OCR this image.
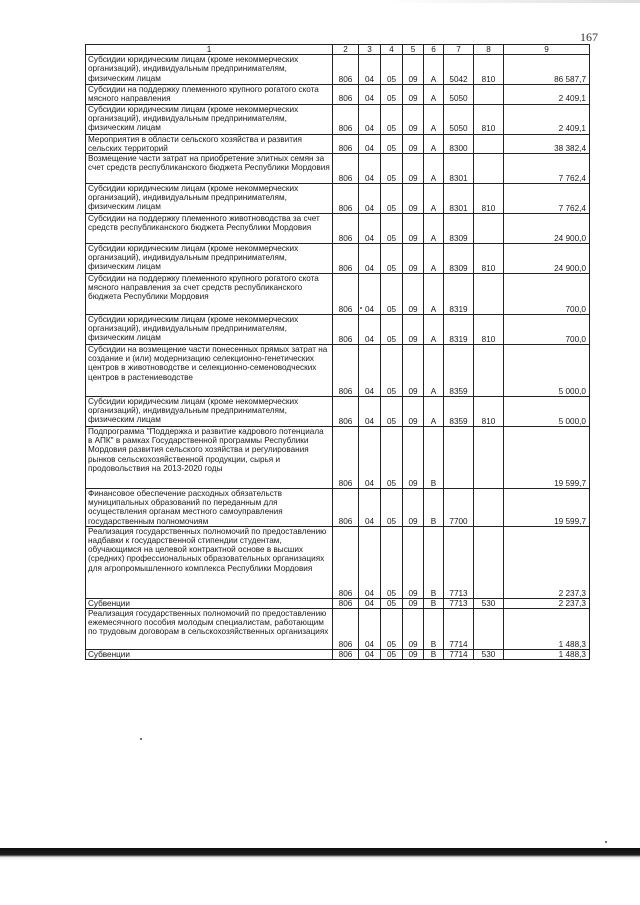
167
1	2	3	4	5	6	7	8	9
Субсидии юридическим лицам (кроме некоммерческих организаций), индивидуальным предпринимателям, физическим лицам	806	04	05	09	А	5042	810	86 587,7
Субсидии на поддержку племенного крупного рогатого скота мясного направления	806	04	05	09	А	5050		2 409,1
Субсидии юридическим лицам (кроме некоммерческих организаций), индивидуальным предпринимателям, физическим лицам	806	04	05	09	А	5050	810	2 409,1
Мероприятия в области сельского хозяйства и развития сельских территорий	806	04	05	09	А	8300		38 382,4
Возмещение части затрат на приобретение элитных семян за счет средств республиканского бюджета Республики Мордовия	806	04	05	09	А	8301		7 762,4
Субсидии юридическим лицам (кроме некоммерческих организаций), индивидуальным предпринимателям, физическим лицам	806	04	05	09	А	8301	810	7 762,4
Субсидии на поддержку племенного животноводства за счет средств республиканского бюджета Республики Мордовия	806	04	05	09	А	8309		24 900,0
Субсидии юридическим лицам (кроме некоммерческих организаций), индивидуальным предпринимателям, физическим лицам	806	04	05	09	А	8309	810	24 900,0
Субсидии на поддержку племенного крупного рогатого скота мясного направления за счет средств республиканского бюджета Республики Мордовия	806	04	05	09	А	8319		700,0
Субсидии юридическим лицам (кроме некоммерческих организаций), индивидуальным предпринимателям, физическим лицам	806	04	05	09	А	8319	810	700,0
Субсидии на возмещение части понесенных прямых затрат на создание и (или) модернизацию селекционно-генетических центров в животноводстве и селекционно-семеноводческих центров в растениеводстве	806	04	05	09	А	8359		5 000,0
Субсидии юридическим лицам (кроме некоммерческих организаций), индивидуальным предпринимателям, физическим лицам	806	04	05	09	А	8359	810	5 000,0
Подпрограмма "Поддержка и развитие кадрового потенциала в АПК" в рамках Государственной программы Республики Мордовия развития сельского хозяйства и регулирования рынков сельскохозяйственной продукции, сырья и продовольствия на 2013-2020 годы	806	04	05	09	В			19 599,7
Финансовое обеспечение расходных обязательств муниципальных образований по переданным для осуществления органам местного самоуправления государственным полномочиям	806	04	05	09	В	7700		19 599,7
Реализация государственных полномочий по предоставлению надбавки к государственной стипендии студентам, обучающимся на целевой контрактной основе в высших (средних) профессиональных образовательных организациях для агропромышленного комплекса Республики Мордовия	806	04	05	09	В	7713		2 237,3
Субвенции	806	04	05	09	В	7713	530	2 237,3
Реализация государственных полномочий по предоставлению ежемесячного пособия молодым специалистам, работающим по трудовым договорам в сельскохозяйственных организациях	806	04	05	09	В	7714		1 488,3
Субвенции	806	04	05	09	В	7714	530	1 488,3
